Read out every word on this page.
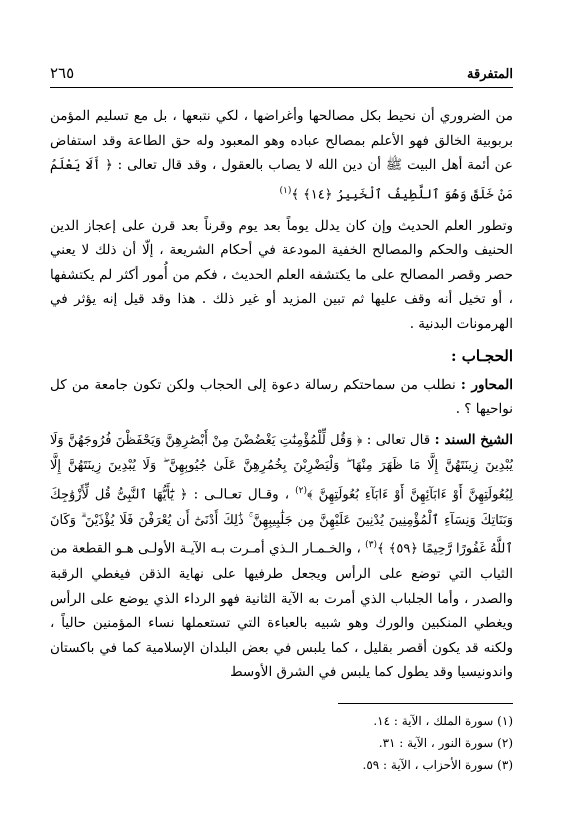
المتفرقة
٢٦٥

من الضروري أن نحيط بكل مصالحها وأغراضها ، لكي نتبعها ، بل مع تسليم المؤمن بربوبية الخالق فهو الأعلم بمصالح عباده وهو المعبود وله حق الطاعة وقد استفاض عن أئمة أهل البيت ﷺ أن دين الله لا يصاب بالعقول ، وقد قال تعالى : ﴿ أَلَا يَعْلَمُ مَنْ خَلَقَ وَهُوَ ٱللَّطِيفُ ٱلْخَبِيرُ ﴿١٤﴾ ﴾$^{(١)}$

وتطور العلم الحديث وإن كان يدلل يوماً بعد يوم وقرناً بعد قرن على إعجاز الدين الحنيف والحكم والمصالح الخفية المودعة في أحكام الشريعة ، إلّا أن ذلك لا يعني حصر وقصر المصالح على ما يكتشفه العلم الحديث ، فكم من أُمور أكثر لم يكتشفها ، أو تخيل أنه وقف عليها ثم تبين المزيد أو غير ذلك . هذا وقد قيل إنه يؤثر في الهرمونات البدنية .

الحجـاب :

المحاور : نطلب من سماحتكم رسالة دعوة إلى الحجاب ولكن تكون جامعة من كل نواحيها ؟ .

الشيخ السند : قال تعالى : ﴿ وَقُل لِّلْمُؤْمِنَٰتِ يَغْضُضْنَ مِنْ أَبْصَٰرِهِنَّ وَيَحْفَظْنَ فُرُوجَهُنَّ وَلَا يُبْدِينَ زِينَتَهُنَّ إِلَّا مَا ظَهَرَ مِنْهَا ۖ وَلْيَضْرِبْنَ بِخُمُرِهِنَّ عَلَىٰ جُيُوبِهِنَّ ۖ وَلَا يُبْدِينَ زِينَتَهُنَّ إِلَّا لِبُعُولَتِهِنَّ أَوْ ءَابَآئِهِنَّ أَوْ ءَابَآءِ بُعُولَتِهِنَّ ﴾$^{(٢)}$ ، وقـال تعـالـى : ﴿ يَٰٓأَيُّهَا ٱلنَّبِىُّ قُل لِّأَزْوَٰجِكَ وَبَنَاتِكَ وَنِسَآءِ ٱلْمُؤْمِنِينَ يُدْنِينَ عَلَيْهِنَّ مِن جَلَٰبِيبِهِنَّ ۚ ذَٰلِكَ أَدْنَىٰٓ أَن يُعْرَفْنَ فَلَا يُؤْذَيْنَ ۗ وَكَانَ ٱللَّهُ غَفُورًا رَّحِيمًا ﴿٥٩﴾ ﴾$^{(٣)}$ ، والخـمـار الـذي أمـرت بـه الآيـة الأولـى هـو القطعة من الثياب التي توضع على الرأس ويجعل طرفيها على نهاية الذقن فيغطي الرقبة والصدر ، وأما الجلباب الذي أمرت به الآية الثانية فهو الرداء الذي يوضع على الرأس ويغطي المنكبين والورك وهو شبيه بالعباءة التي تستعملها نساء المؤمنين حالياً ، ولكنه قد يكون أقصر بقليل ، كما يلبس في بعض البلدان الإسلامية كما في باكستان واندونيسيا وقد يطول كما يلبس في الشرق الأوسط

(١) سورة الملك ، الآية : ١٤.
(٢) سورة النور ، الآية : ٣١.
(٣) سورة الأحزاب ، الآية : ٥٩.
